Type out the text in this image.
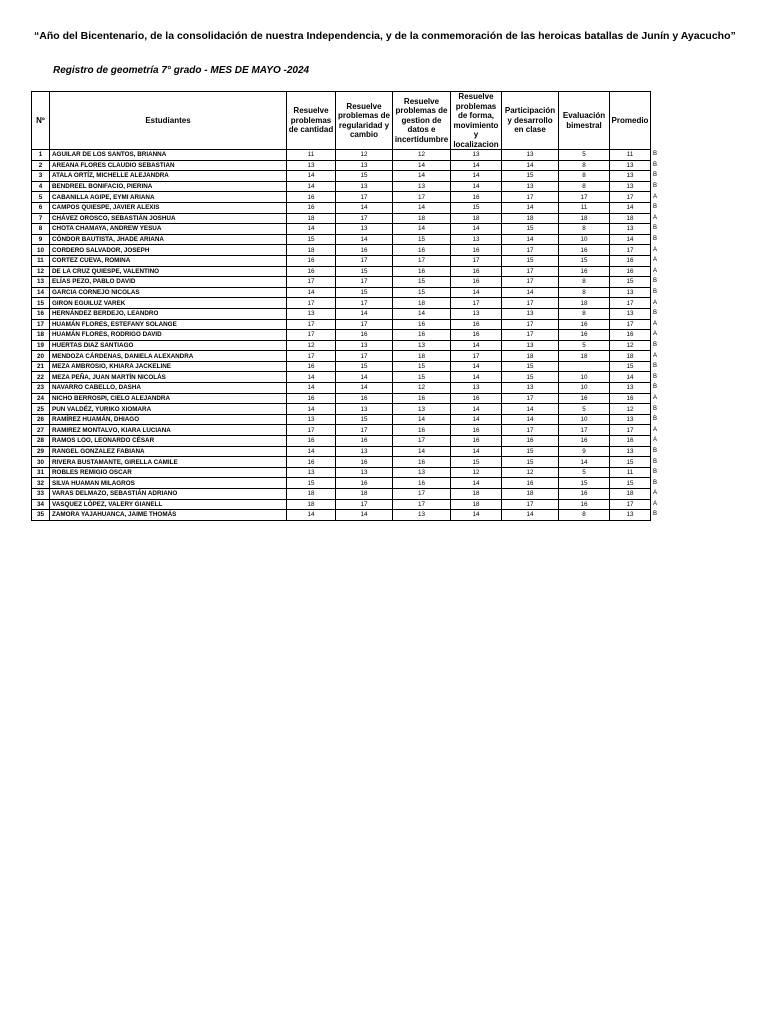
“Año del Bicentenario, de la consolidación de nuestra Independencia, y de la conmemoración de las heroicas batallas de Junín y Ayacucho”
Registro de geometría 7° grado - MES DE MAYO -2024
Nº	Estudiantes	Resuelve problemas de cantidad	Resuelve problemas de regularidad y cambio	Resuelve problemas de gestion de datos e incertidumbre	Resuelve problemas de forma, movimiento y localizacion	Participación y desarrollo en clase	Evaluación bimestral	Promedio	
1	AGUILAR DE LOS SANTOS, BRIANNA	11	12	12	13	13	5	11	B
2	AREANA FLORES CLAUDIO SEBASTIAN	13	13	14	14	14	8	13	B
3	ATALA ORTÍZ, MICHELLE ALEJANDRA	14	15	14	14	15	8	13	B
4	BENDREEL BONIFACIO, PIERINA	14	13	13	14	13	8	13	B
5	CABANILLA AGIPE, EYMI ARIANA	16	17	17	16	17	17	17	A
6	CAMPOS QUIESPE, JAVIER ALEXIS	16	14	14	15	14	11	14	B
7	CHÁVEZ OROSCO, SEBASTIÁN JOSHUA	18	17	18	18	18	18	18	A
8	CHOTA CHAMAYA, ANDREW YESUA	14	13	14	14	15	8	13	B
9	CÓNDOR BAUTISTA, JHADE ARIANA	15	14	15	13	14	10	14	B
10	CORDERO SALVADOR, JOSEPH	18	16	16	16	17	16	17	A
11	CORTEZ CUEVA, ROMINA	16	17	17	17	15	15	16	A
12	DE LA CRUZ QUIESPE, VALENTINO	16	15	16	16	17	16	16	A
13	ELÍAS PEZO, PABLO DAVID	17	17	15	16	17	8	15	B
14	GARCIA CORNEJO NICOLAS	14	15	15	14	14	8	13	B
15	GIRON EGUILUZ VAREK	17	17	18	17	17	18	17	A
16	HERNÁNDEZ BERDEJO, LEANDRO	13	14	14	13	13	8	13	B
17	HUAMÁN FLORES, ESTEFANY SOLANGE	17	17	16	16	17	16	17	A
18	HUAMÁN FLORES, RODRIGO DAVID	17	16	16	16	17	16	16	A
19	HUERTAS DIAZ SANTIAGO	12	13	13	14	13	5	12	B
20	MENDOZA CÁRDENAS, DANIELA ALEXANDRA	17	17	18	17	18	18	18	A
21	MEZA AMBROSIO, KHIARA JACKELINE	16	15	15	14	15		15	B
22	MEZA PEÑA, JUAN MARTÍN NICOLÁS	14	14	15	14	15	10	14	B
23	NAVARRO CABELLO, DASHA	14	14	12	13	13	10	13	B
24	NICHO BERROSPI, CIELO ALEJANDRA	16	16	16	16	17	16	16	A
25	PUN VALDÉZ, YURIKO XIOMARA	14	13	13	14	14	5	12	B
26	RAMÍREZ HUAMÁN, DHIAGO	13	15	14	14	14	10	13	B
27	RAMIREZ MONTALVO, KIARA LUCIANA	17	17	16	16	17	17	17	A
28	RAMOS LOO, LEONARDO CÉSAR	16	16	17	16	16	16	16	A
29	RANGEL GONZALEZ FABIANA	14	13	14	14	15	9	13	B
30	RIVERA BUSTAMANTE, GIRELLA CAMILE	16	16	16	15	15	14	15	B
31	ROBLES REMIGIO OSCAR	13	13	13	12	12	5	11	B
32	SILVA HUAMAN MILAGROS	15	16	16	14	16	15	15	B
33	VARAS DELMAZO, SEBASTIÁN ADRIANO	18	18	17	18	18	16	18	A
34	VASQUEZ LÓPEZ, VALERY GIANELL	18	17	17	18	17	16	17	A
35	ZAMORA YAJAHUANCA, JAIME THOMÁS	14	14	13	14	14	8	13	B
